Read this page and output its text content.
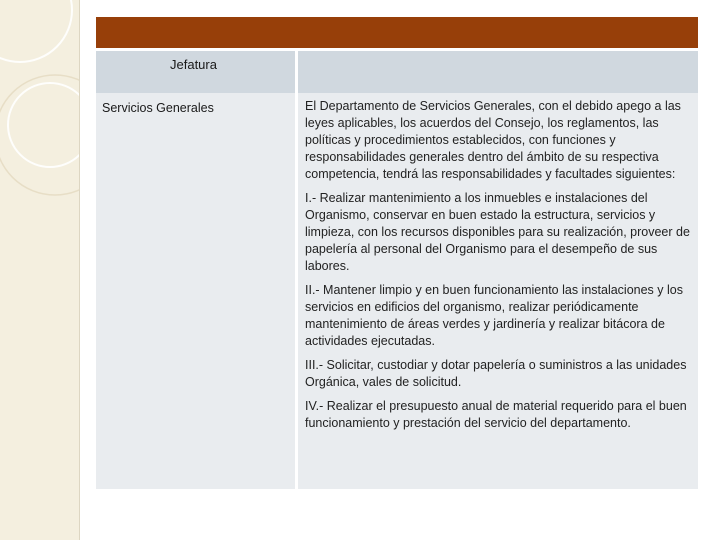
Jefatura
Servicios Generales	El Departamento de Servicios Generales, con el debido apego a las leyes aplicables, los acuerdos del Consejo, los reglamentos, las políticas y procedimientos establecidos, con funciones y responsabilidades generales dentro del ámbito de su respectiva competencia, tendrá las responsabilidades y facultades siguientes:

I.- Realizar mantenimiento a los inmuebles e instalaciones del Organismo, conservar en buen estado la estructura, servicios y limpieza, con los recursos disponibles para su realización, proveer de papelería al personal del Organismo para el desempeño de sus labores.

II.- Mantener limpio y en buen funcionamiento las instalaciones y los servicios en edificios del organismo, realizar periódicamente mantenimiento de áreas verdes y jardinería y realizar bitácora de actividades ejecutadas.

III.- Solicitar, custodiar y dotar papelería o suministros a las unidades Orgánica, vales de solicitud.

IV.- Realizar el presupuesto anual de material requerido para el buen funcionamiento y prestación del servicio del departamento.
